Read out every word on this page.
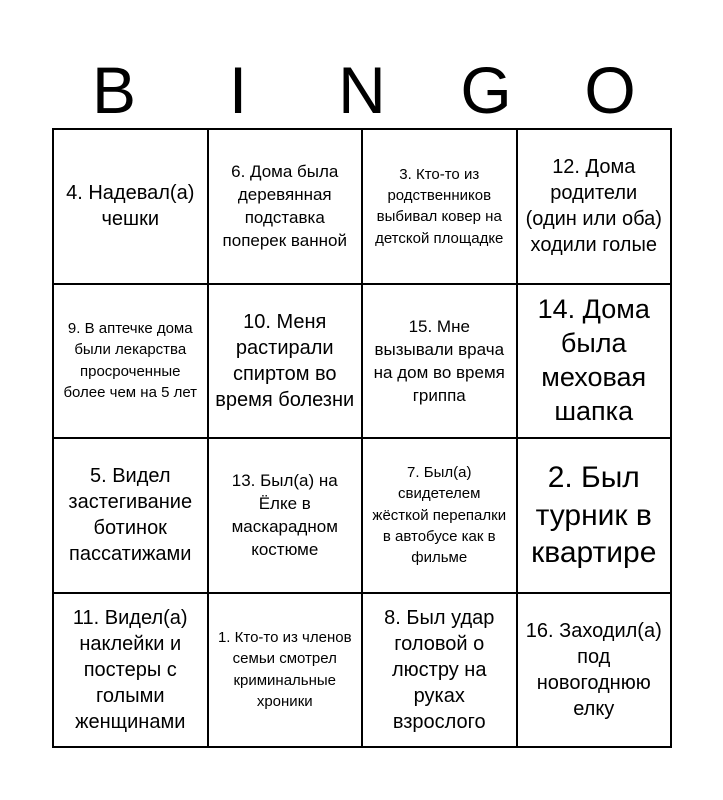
B	I	N	G	O
4. Надевал(а) чешки
6. Дома была деревянная подставка поперек ванной
3. Кто-то из родственников выбивал ковер на детской площадке
12. Дома родители (один или оба) ходили голые
9. В аптечке дома были лекарства просроченные более чем на 5 лет
10. Меня растирали спиртом во время болезни
15. Мне вызывали врача на дом во время гриппа
14. Дома была меховая шапка
5. Видел застегивание ботинок пассатижами
13. Был(а) на Ёлке в маскарадном костюме
7. Был(а) свидетелем жёсткой перепалки в автобусе как в фильме
2. Был турник в квартире
11. Видел(а) наклейки и постеры с голыми женщинами
1. Кто-то из членов семьи смотрел криминальные хроники
8. Был удар головой о люстру на руках взрослого
16. Заходил(а) под новогоднюю елку
